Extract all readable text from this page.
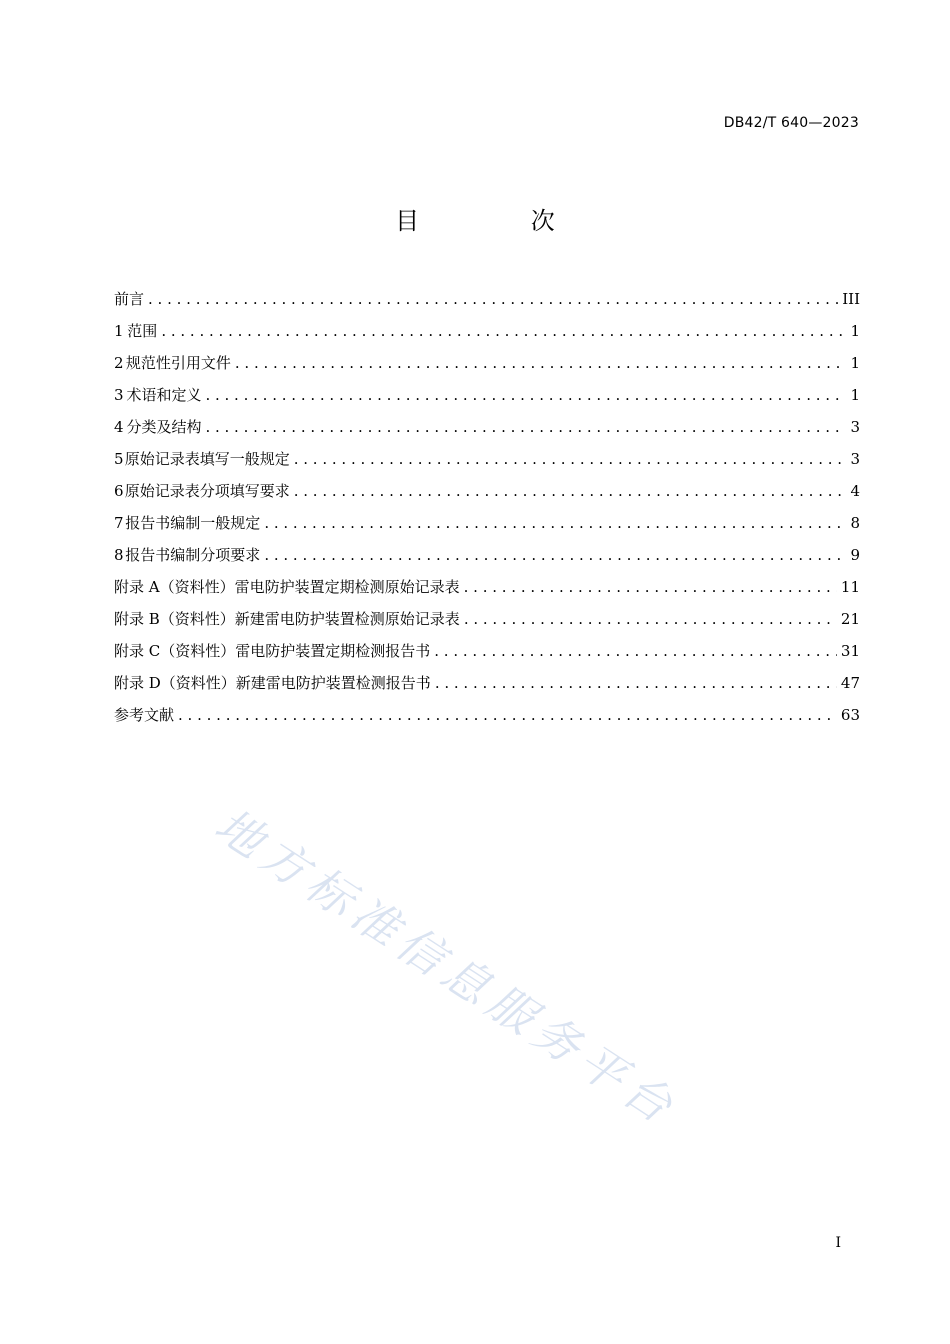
DB42/T 640—2023
目 次
前言 . . .	III
1 范围 . . .	1
2 规范性引用文件 . . .	1
3 术语和定义 . . .	1
4 分类及结构 . . .	3
5 原始记录表填写一般规定 . . .	3
6 原始记录表分项填写要求 . . .	4
7 报告书编制一般规定 . . .	8
8 报告书编制分项要求 . . .	9
附录 A（资料性） 雷电防护装置定期检测原始记录表 . . .	11
附录 B（资料性） 新建雷电防护装置检测原始记录表 . . .	21
附录 C（资料性） 雷电防护装置定期检测报告书 . . .	31
附录 D（资料性） 新建雷电防护装置检测报告书 . . .	47
参考文献 . . .	63
地方标准信息服务平台
I
